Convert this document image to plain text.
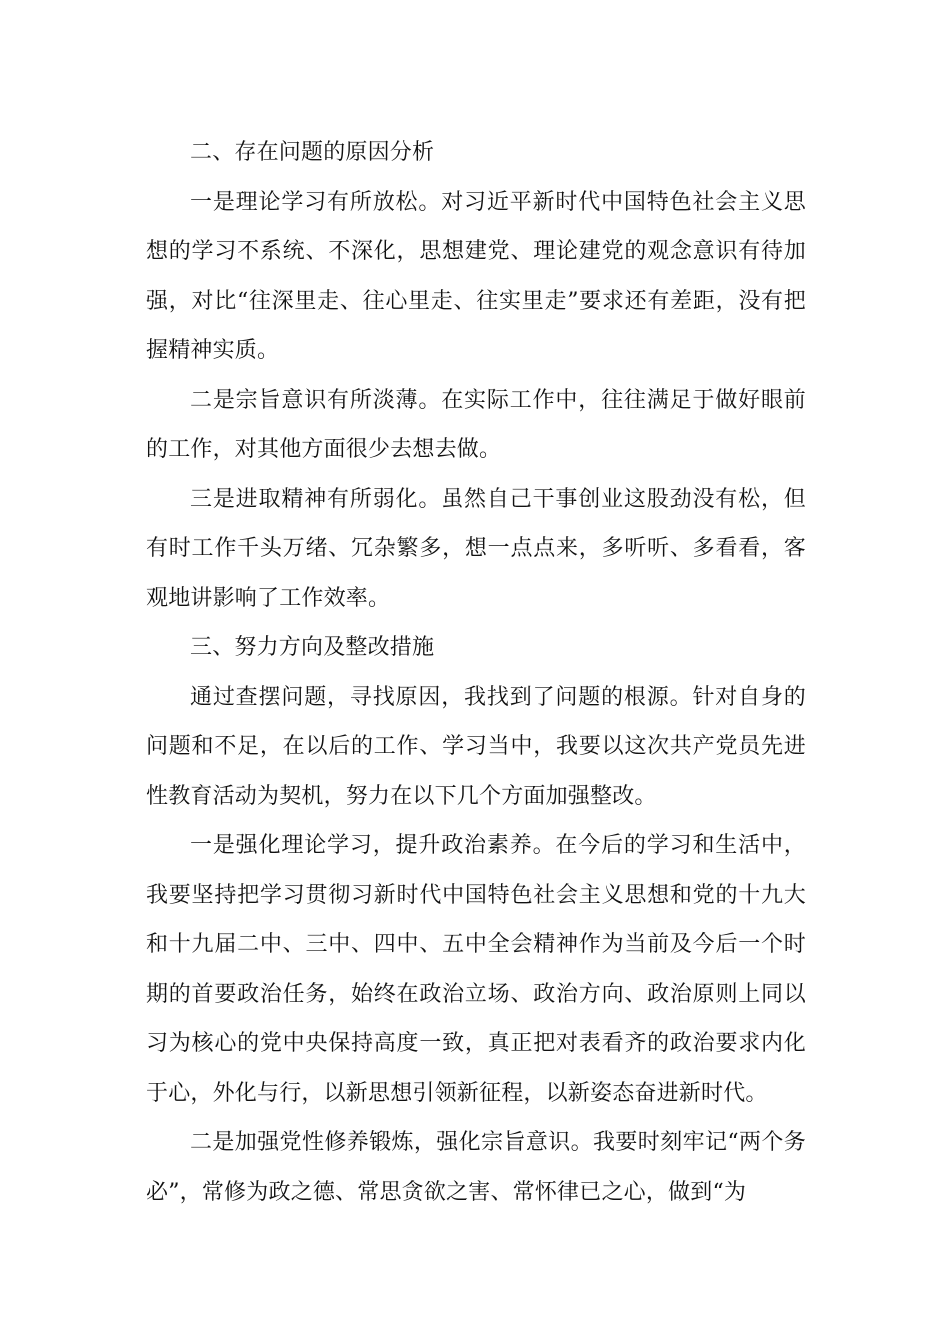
二、存在问题的原因分析

一是理论学习有所放松。对习近平新时代中国特色社会主义思想的学习不系统、不深化，思想建党、理论建党的观念意识有待加强，对比“往深里走、往心里走、往实里走”要求还有差距，没有把握精神实质。

二是宗旨意识有所淡薄。在实际工作中，往往满足于做好眼前的工作，对其他方面很少去想去做。

三是进取精神有所弱化。虽然自己干事创业这股劲没有松，但有时工作千头万绪、冗杂繁多，想一点点来，多听听、多看看，客观地讲影响了工作效率。

三、努力方向及整改措施

通过查摆问题，寻找原因，我找到了问题的根源。针对自身的问题和不足，在以后的工作、学习当中，我要以这次共产党员先进性教育活动为契机，努力在以下几个方面加强整改。

一是强化理论学习，提升政治素养。在今后的学习和生活中，我要坚持把学习贯彻习新时代中国特色社会主义思想和党的十九大和十九届二中、三中、四中、五中全会精神作为当前及今后一个时期的首要政治任务，始终在政治立场、政治方向、政治原则上同以习为核心的党中央保持高度一致，真正把对表看齐的政治要求内化于心，外化与行，以新思想引领新征程，以新姿态奋进新时代。

二是加强党性修养锻炼，强化宗旨意识。我要时刻牢记“两个务必”，常修为政之德、常思贪欲之害、常怀律已之心，做到“为
